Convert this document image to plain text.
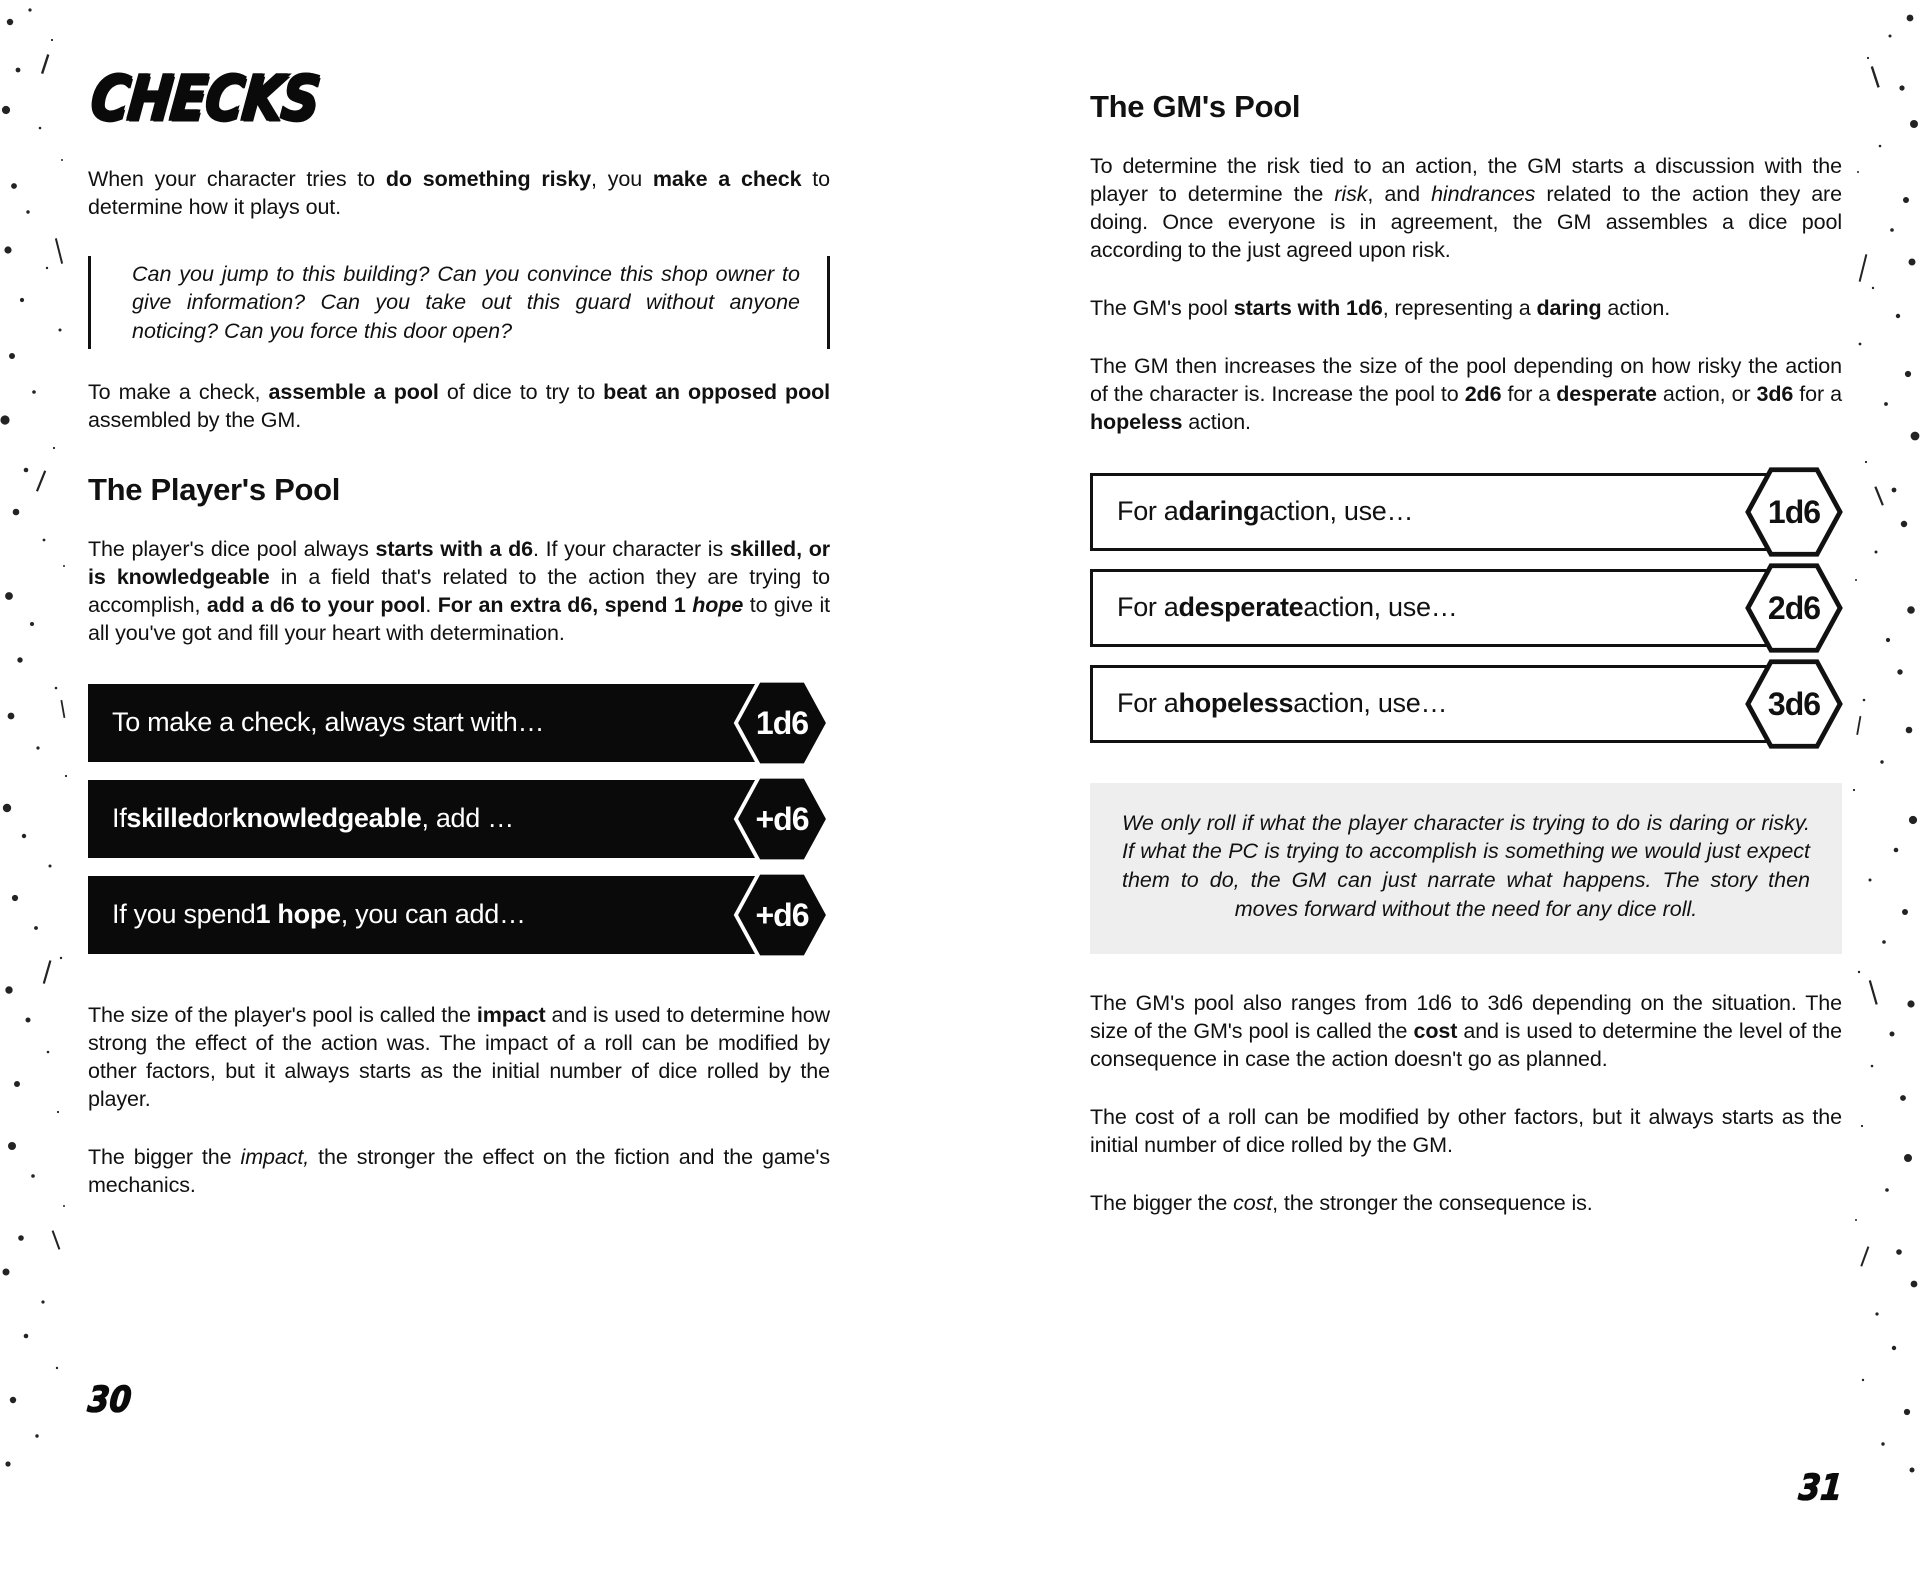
CHECKS

When your character tries to do something risky, you make a check to determine how it plays out.

Can you jump to this building? Can you convince this shop owner to give information? Can you take out this guard without anyone noticing? Can you force this door open?

To make a check, assemble a pool of dice to try to beat an opposed pool assembled by the GM.

The Player's Pool

The player's dice pool always starts with a d6. If your character is skilled, or is knowledgeable in a field that's related to the action they are trying to accomplish, add a d6 to your pool. For an extra d6, spend 1 hope to give it all you've got and fill your heart with determination.

To make a check, always start with…	1d6
If skilled or knowledgeable , add …	+d6
If you spend 1 hope , you can add…	+d6

The size of the player's pool is called the impact and is used to determine how strong the effect of the action was. The impact of a roll can be modified by other factors, but it always starts as the initial number of dice rolled by the player.

The bigger the impact, the stronger the effect on the fiction and the game's mechanics.

30
The GM's Pool

To determine the risk tied to an action, the GM starts a discussion with the player to determine the risk, and hindrances related to the action they are doing. Once everyone is in agreement, the GM assembles a dice pool according to the just agreed upon risk.

The GM's pool starts with 1d6, representing a daring action.

The GM then increases the size of the pool depending on how risky the action of the character is. Increase the pool to 2d6 for a desperate action, or 3d6 for a hopeless action.

For a daring action, use…	1d6
For a desperate action, use…	2d6
For a hopeless action, use…	3d6

We only roll if what the player character is trying to do is daring or risky. If what the PC is trying to accomplish is something we would just expect them to do, the GM can just narrate what happens. The story then moves forward without the need for any dice roll.

The GM's pool also ranges from 1d6 to 3d6 depending on the situation. The size of the GM's pool is called the cost and is used to determine the level of the consequence in case the action doesn't go as planned.

The cost of a roll can be modified by other factors, but it always starts as the initial number of dice rolled by the GM.

The bigger the cost, the stronger the consequence is.

31
